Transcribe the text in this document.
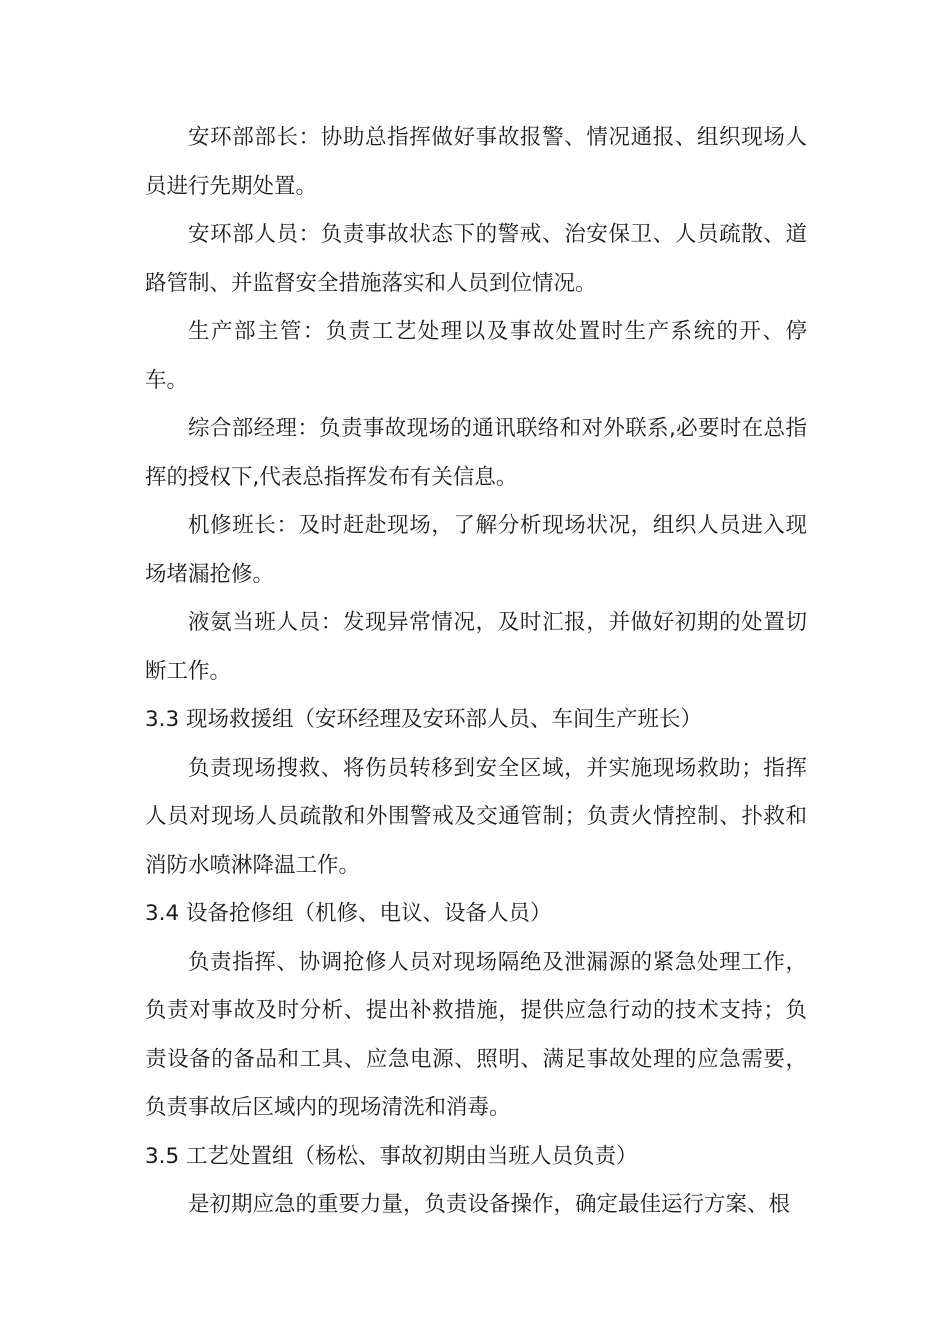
安环部部长：协助总指挥做好事故报警、情况通报、组织现场人员进行先期处置。

安环部人员：负责事故状态下的警戒、治安保卫、人员疏散、道路管制、并监督安全措施落实和人员到位情况。

生产部主管：负责工艺处理以及事故处置时生产系统的开、停车。

综合部经理：负责事故现场的通讯联络和对外联系,必要时在总指挥的授权下,代表总指挥发布有关信息。

机修班长：及时赶赴现场，了解分析现场状况，组织人员进入现场堵漏抢修。

液氨当班人员：发现异常情况，及时汇报，并做好初期的处置切断工作。

3.3 现场救援组（安环经理及安环部人员、车间生产班长）

负责现场搜救、将伤员转移到安全区域，并实施现场救助；指挥人员对现场人员疏散和外围警戒及交通管制；负责火情控制、扑救和消防水喷淋降温工作。

3.4 设备抢修组（机修、电议、设备人员）

负责指挥、协调抢修人员对现场隔绝及泄漏源的紧急处理工作，负责对事故及时分析、提出补救措施，提供应急行动的技术支持；负责设备的备品和工具、应急电源、照明、满足事故处理的应急需要，负责事故后区域内的现场清洗和消毒。

3.5 工艺处置组（杨松、事故初期由当班人员负责）

是初期应急的重要力量，负责设备操作，确定最佳运行方案、根
